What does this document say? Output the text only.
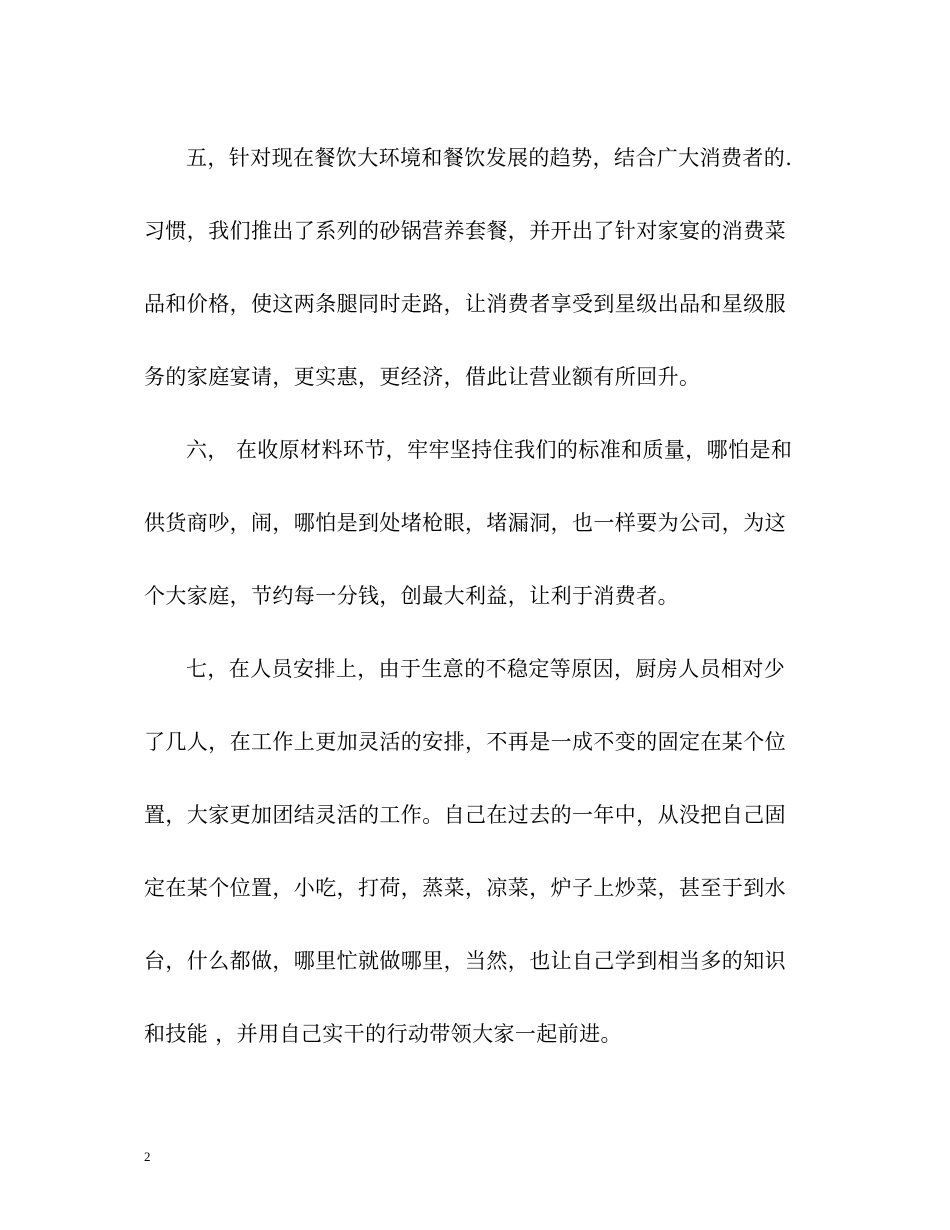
五，针对现在餐饮大环境和餐饮发展的趋势，结合广大消费者的.
习惯，我们推出了系列的砂锅营养套餐，并开出了针对家宴的消费菜
品和价格，使这两条腿同时走路，让消费者享受到星级出品和星级服
务的家庭宴请，更实惠，更经济，借此让营业额有所回升。
六， 在收原材料环节，牢牢坚持住我们的标准和质量，哪怕是和
供货商吵，闹，哪怕是到处堵枪眼，堵漏洞，也一样要为公司，为这
个大家庭，节约每一分钱，创最大利益，让利于消费者。
七，在人员安排上，由于生意的不稳定等原因，厨房人员相对少
了几人，在工作上更加灵活的安排，不再是一成不变的固定在某个位
置，大家更加团结灵活的工作。自己在过去的一年中，从没把自己固
定在某个位置，小吃，打荷，蒸菜，凉菜，炉子上炒菜，甚至于到水
台，什么都做，哪里忙就做哪里，当然，也让自己学到相当多的知识
和技能 ，并用自己实干的行动带领大家一起前进。
2
